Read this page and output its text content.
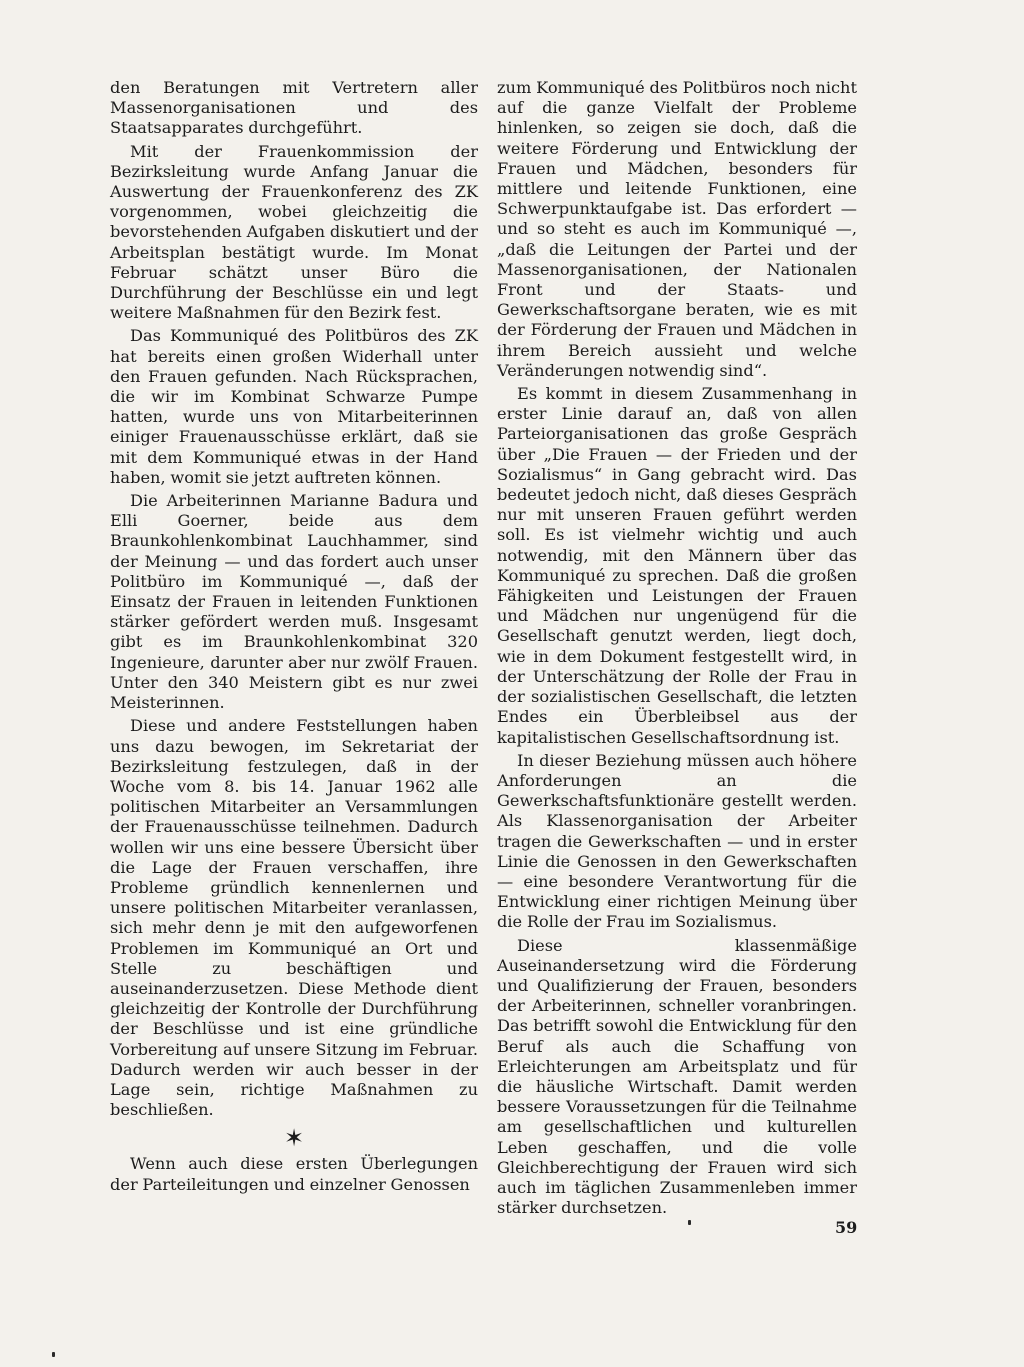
den Beratungen mit Vertretern aller Massenorganisationen und des Staatsapparates durchgeführt.

Mit der Frauenkommission der Bezirksleitung wurde Anfang Januar die Auswertung der Frauenkonferenz des ZK vorgenommen, wobei gleichzeitig die bevorstehenden Aufgaben diskutiert und der Arbeitsplan bestätigt wurde. Im Monat Februar schätzt unser Büro die Durchführung der Beschlüsse ein und legt weitere Maßnahmen für den Bezirk fest.

Das Kommuniqué des Politbüros des ZK hat bereits einen großen Widerhall unter den Frauen gefunden. Nach Rücksprachen, die wir im Kombinat Schwarze Pumpe hatten, wurde uns von Mitarbeiterinnen einiger Frauenausschüsse erklärt, daß sie mit dem Kommuniqué etwas in der Hand haben, womit sie jetzt auftreten können.

Die Arbeiterinnen Marianne Badura und Elli Goerner, beide aus dem Braunkohlenkombinat Lauchhammer, sind der Meinung — und das fordert auch unser Politbüro im Kommuniqué —, daß der Einsatz der Frauen in leitenden Funktionen stärker gefördert werden muß. Insgesamt gibt es im Braunkohlenkombinat 320 Ingenieure, darunter aber nur zwölf Frauen. Unter den 340 Meistern gibt es nur zwei Meisterinnen.

Diese und andere Feststellungen haben uns dazu bewogen, im Sekretariat der Bezirksleitung festzulegen, daß in der Woche vom 8. bis 14. Januar 1962 alle politischen Mitarbeiter an Versammlungen der Frauenausschüsse teilnehmen. Dadurch wollen wir uns eine bessere Übersicht über die Lage der Frauen verschaffen, ihre Probleme gründlich kennenlernen und unsere politischen Mitarbeiter veranlassen, sich mehr denn je mit den aufgeworfenen Problemen im Kommuniqué an Ort und Stelle zu beschäftigen und auseinanderzusetzen. Diese Methode dient gleichzeitig der Kontrolle der Durchführung der Beschlüsse und ist eine gründliche Vorbereitung auf unsere Sitzung im Februar. Dadurch werden wir auch besser in der Lage sein, richtige Maßnahmen zu beschließen.

✶

Wenn auch diese ersten Überlegungen der Parteileitungen und einzelner Genossen

zum Kommuniqué des Politbüros noch nicht auf die ganze Vielfalt der Probleme hinlenken, so zeigen sie doch, daß die weitere Förderung und Entwicklung der Frauen und Mädchen, besonders für mittlere und leitende Funktionen, eine Schwerpunktaufgabe ist. Das erfordert — und so steht es auch im Kommuniqué —, „daß die Leitungen der Partei und der Massenorganisationen, der Nationalen Front und der Staats- und Gewerkschaftsorgane beraten, wie es mit der Förderung der Frauen und Mädchen in ihrem Bereich aussieht und welche Veränderungen notwendig sind“.

Es kommt in diesem Zusammenhang in erster Linie darauf an, daß von allen Parteiorganisationen das große Gespräch über „Die Frauen — der Frieden und der Sozialismus“ in Gang gebracht wird. Das bedeutet jedoch nicht, daß dieses Gespräch nur mit unseren Frauen geführt werden soll. Es ist vielmehr wichtig und auch notwendig, mit den Männern über das Kommuniqué zu sprechen. Daß die großen Fähigkeiten und Leistungen der Frauen und Mädchen nur ungenügend für die Gesellschaft genutzt werden, liegt doch, wie in dem Dokument festgestellt wird, in der Unterschätzung der Rolle der Frau in der sozialistischen Gesellschaft, die letzten Endes ein Überbleibsel aus der kapitalistischen Gesellschaftsordnung ist.

In dieser Beziehung müssen auch höhere Anforderungen an die Gewerkschaftsfunktionäre gestellt werden. Als Klassenorganisation der Arbeiter tragen die Gewerkschaften — und in erster Linie die Genossen in den Gewerkschaften — eine besondere Verantwortung für die Entwicklung einer richtigen Meinung über die Rolle der Frau im Sozialismus.

Diese klassenmäßige Auseinandersetzung wird die Förderung und Qualifizierung der Frauen, besonders der Arbeiterinnen, schneller voranbringen. Das betrifft sowohl die Entwicklung für den Beruf als auch die Schaffung von Erleichterungen am Arbeitsplatz und für die häusliche Wirtschaft. Damit werden bessere Voraussetzungen für die Teilnahme am gesellschaftlichen und kulturellen Leben geschaffen, und die volle Gleichberechtigung der Frauen wird sich auch im täglichen Zusammenleben immer stärker durchsetzen.

59
